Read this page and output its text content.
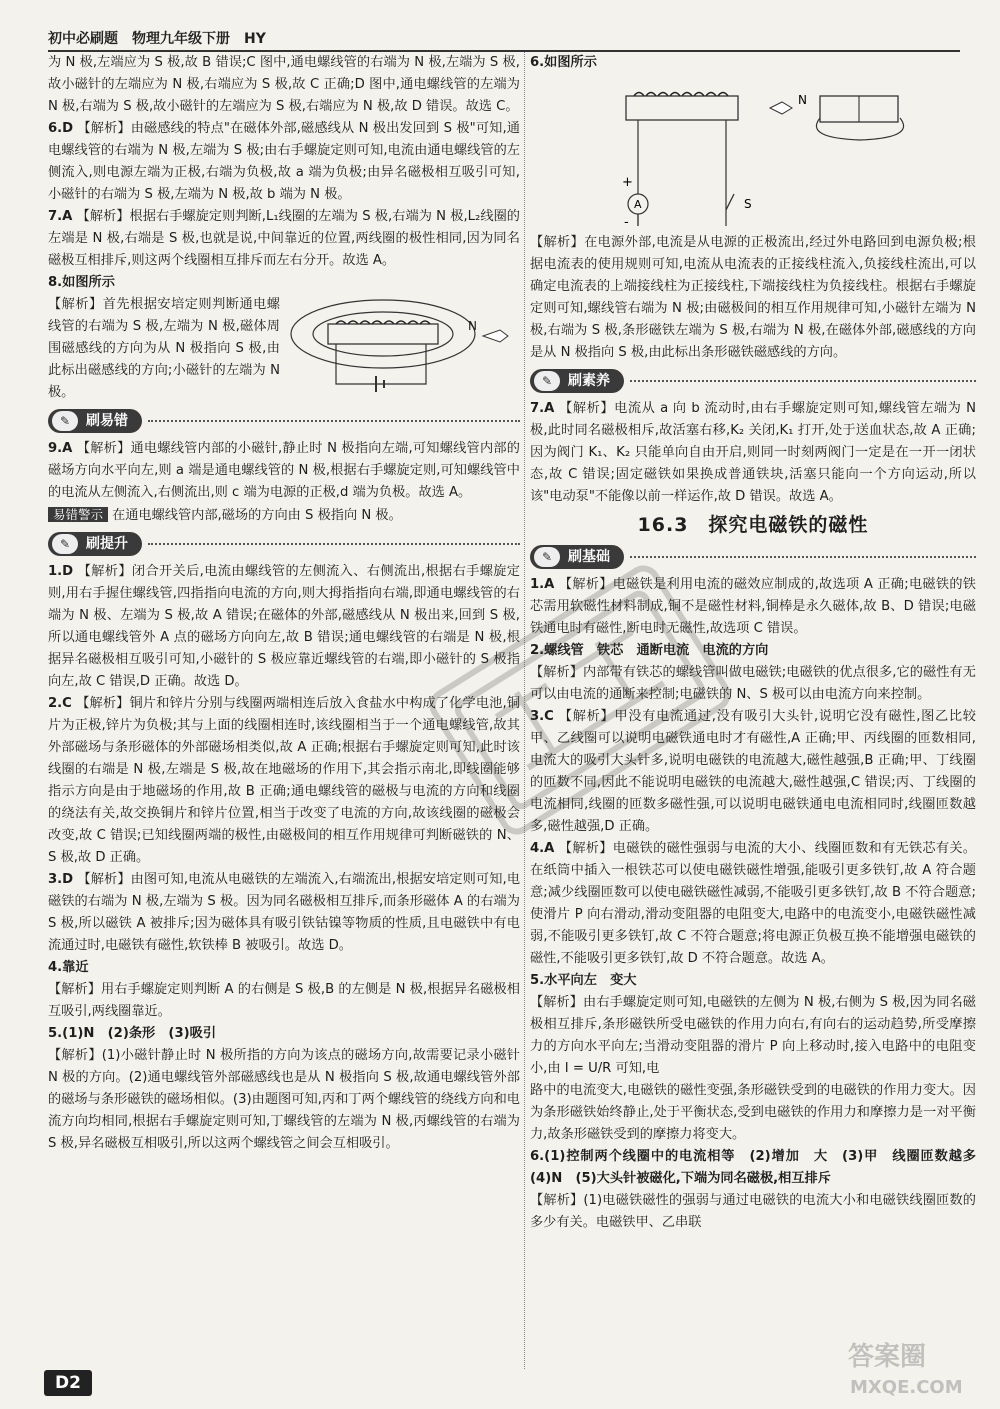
初中必刷题　物理九年级下册　HY

为 N 极,左端应为 S 极,故 B 错误;C 图中,通电螺线管的右端为 N 极,左端为 S 极,故小磁针的左端应为 N 极,右端应为 S 极,故 C 正确;D 图中,通电螺线管的左端为 N 极,右端为 S 极,故小磁针的左端应为 S 极,右端应为 N 极,故 D 错误。故选 C。

6.D 【解析】由磁感线的特点"在磁体外部,磁感线从 N 极出发回到 S 极"可知,通电螺线管的右端为 N 极,左端为 S 极;由右手螺旋定则可知,电流由通电螺线管的左侧流入,则电源左端为正极,右端为负极,故 a 端为负极;由异名磁极相互吸引可知,小磁针的右端为 S 极,左端为 N 极,故 b 端为 N 极。

7.A 【解析】根据右手螺旋定则判断,L₁线圈的左端为 S 极,右端为 N 极,L₂线圈的左端是 N 极,右端是 S 极,也就是说,中间靠近的位置,两线圈的极性相同,因为同名磁极互相排斥,则这两个线圈相互排斥而左右分开。故选 A。

8.如图所示

【解析】首先根据安培定则判断通电螺线管的右端为 S 极,左端为 N 极,磁体周围磁感线的方向为从 N 极指向 S 极,由此标出磁感线的方向;小磁针的左端为 N 极。

N
✎	刷易错

9.A 【解析】通电螺线管内部的小磁针,静止时 N 极指向左端,可知螺线管内部的磁场方向水平向左,则 a 端是通电螺线管的 N 极,根据右手螺旋定则,可知螺线管中的电流从左侧流入,右侧流出,则 c 端为电源的正极,d 端为负极。故选 A。

易错警示 在通电螺线管内部,磁场的方向由 S 极指向 N 极。

✎	刷提升

1.D 【解析】闭合开关后,电流由螺线管的左侧流入、右侧流出,根据右手螺旋定则,用右手握住螺线管,四指指向电流的方向,则大拇指指向右端,即通电螺线管的右端为 N 极、左端为 S 极,故 A 错误;在磁体的外部,磁感线从 N 极出来,回到 S 极,所以通电螺线管外 A 点的磁场方向向左,故 B 错误;通电螺线管的右端是 N 极,根据异名磁极相互吸引可知,小磁针的 S 极应靠近螺线管的右端,即小磁针的 S 极指向左,故 C 错误,D 正确。故选 D。

2.C 【解析】铜片和锌片分别与线圈两端相连后放入食盐水中构成了化学电池,铜片为正极,锌片为负极;其与上面的线圈相连时,该线圈相当于一个通电螺线管,故其外部磁场与条形磁体的外部磁场相类似,故 A 正确;根据右手螺旋定则可知,此时该线圈的右端是 N 极,左端是 S 极,故在地磁场的作用下,其会指示南北,即线圈能够指示方向是由于地磁场的作用,故 B 正确;通电螺线管的磁极与电流的方向和线圈的绕法有关,故交换铜片和锌片位置,相当于改变了电流的方向,故该线圈的磁极会改变,故 C 错误;已知线圈两端的极性,由磁极间的相互作用规律可判断磁铁的 N、S 极,故 D 正确。

3.D 【解析】由图可知,电流从电磁铁的左端流入,右端流出,根据安培定则可知,电磁铁的右端为 N 极,左端为 S 极。因为同名磁极相互排斥,而条形磁体 A 的右端为 S 极,所以磁铁 A 被排斥;因为磁体具有吸引铁钴镍等物质的性质,且电磁铁中有电流通过时,电磁铁有磁性,软铁棒 B 被吸引。故选 D。

4.靠近

【解析】用右手螺旋定则判断 A 的右侧是 S 极,B 的左侧是 N 极,根据异名磁极相互吸引,两线圈靠近。

5.(1)N　(2)条形　(3)吸引

【解析】(1)小磁针静止时 N 极所指的方向为该点的磁场方向,故需要记录小磁针 N 极的方向。(2)通电螺线管外部磁感线也是从 N 极指向 S 极,故通电螺线管外部的磁场与条形磁铁的磁场相似。(3)由题图可知,丙和丁两个螺线管的绕线方向和电流方向均相同,根据右手螺旋定则可知,丁螺线管的左端为 N 极,丙螺线管的右端为 S 极,异名磁极互相吸引,所以这两个螺线管之间会互相吸引。

6.如图所示

A
+
-
S
N

【解析】在电源外部,电流是从电源的正极流出,经过外电路回到电源负极;根据电流表的使用规则可知,电流从电流表的正接线柱流入,负接线柱流出,可以确定电流表的上端接线柱为正接线柱,下端接线柱为负接线柱。根据右手螺旋定则可知,螺线管右端为 N 极;由磁极间的相互作用规律可知,小磁针左端为 N 极,右端为 S 极,条形磁铁左端为 S 极,右端为 N 极,在磁体外部,磁感线的方向是从 N 极指向 S 极,由此标出条形磁铁磁感线的方向。

✎	刷素养

7.A 【解析】电流从 a 向 b 流动时,由右手螺旋定则可知,螺线管左端为 N 极,此时同名磁极相斥,故活塞右移,K₂ 关闭,K₁ 打开,处于送血状态,故 A 正确;因为阀门 K₁、K₂ 只能单向自由开启,则同一时刻两阀门一定是在一开一闭状态,故 C 错误;固定磁铁如果换成普通铁块,活塞只能向一个方向运动,所以该"电动泵"不能像以前一样运作,故 D 错误。故选 A。

16.3　探究电磁铁的磁性
✎	刷基础

1.A 【解析】电磁铁是利用电流的磁效应制成的,故选项 A 正确;电磁铁的铁芯需用软磁性材料制成,铜不是磁性材料,铜棒是永久磁体,故 B、D 错误;电磁铁通电时有磁性,断电时无磁性,故选项 C 错误。

2.螺线管　铁芯　通断电流　电流的方向

【解析】内部带有铁芯的螺线管叫做电磁铁;电磁铁的优点很多,它的磁性有无可以由电流的通断来控制;电磁铁的 N、S 极可以由电流方向来控制。

3.C 【解析】甲没有电流通过,没有吸引大头针,说明它没有磁性,图乙比较甲、乙线圈可以说明电磁铁通电时才有磁性,A 正确;甲、丙线圈的匝数相同,电流大的吸引大头针多,说明电磁铁的电流越大,磁性越强,B 正确;甲、丁线圈的匝数不同,因此不能说明电磁铁的电流越大,磁性越强,C 错误;丙、丁线圈的电流相同,线圈的匝数多磁性强,可以说明电磁铁通电电流相同时,线圈匝数越多,磁性越强,D 正确。

4.A 【解析】电磁铁的磁性强弱与电流的大小、线圈匝数和有无铁芯有关。在纸筒中插入一根铁芯可以使电磁铁磁性增强,能吸引更多铁钉,故 A 符合题意;减少线圈匝数可以使电磁铁磁性减弱,不能吸引更多铁钉,故 B 不符合题意;使滑片 P 向右滑动,滑动变阻器的电阻变大,电路中的电流变小,电磁铁磁性减弱,不能吸引更多铁钉,故 C 不符合题意;将电源正负极互换不能增强电磁铁的磁性,不能吸引更多铁钉,故 D 不符合题意。故选 A。

5.水平向左　变大

【解析】由右手螺旋定则可知,电磁铁的左侧为 N 极,右侧为 S 极,因为同名磁极相互排斥,条形磁铁所受电磁铁的作用力向右,有向右的运动趋势,所受摩擦力的方向水平向左;当滑动变阻器的滑片 P 向上移动时,接入电路中的电阻变小,由 I = U/R 可知,电

路中的电流变大,电磁铁的磁性变强,条形磁铁受到的电磁铁的作用力变大。因为条形磁铁始终静止,处于平衡状态,受到电磁铁的作用力和摩擦力是一对平衡力,故条形磁铁受到的摩擦力将变大。

6.(1)控制两个线圈中的电流相等　(2)增加　大　(3)甲　线圈匝数越多　(4)N　(5)大头针被磁化,下端为同名磁极,相互排斥

【解析】(1)电磁铁磁性的强弱与通过电磁铁的电流大小和电磁铁线圈匝数的多少有关。电磁铁甲、乙串联

D2
答案圈
MXQE.COM
